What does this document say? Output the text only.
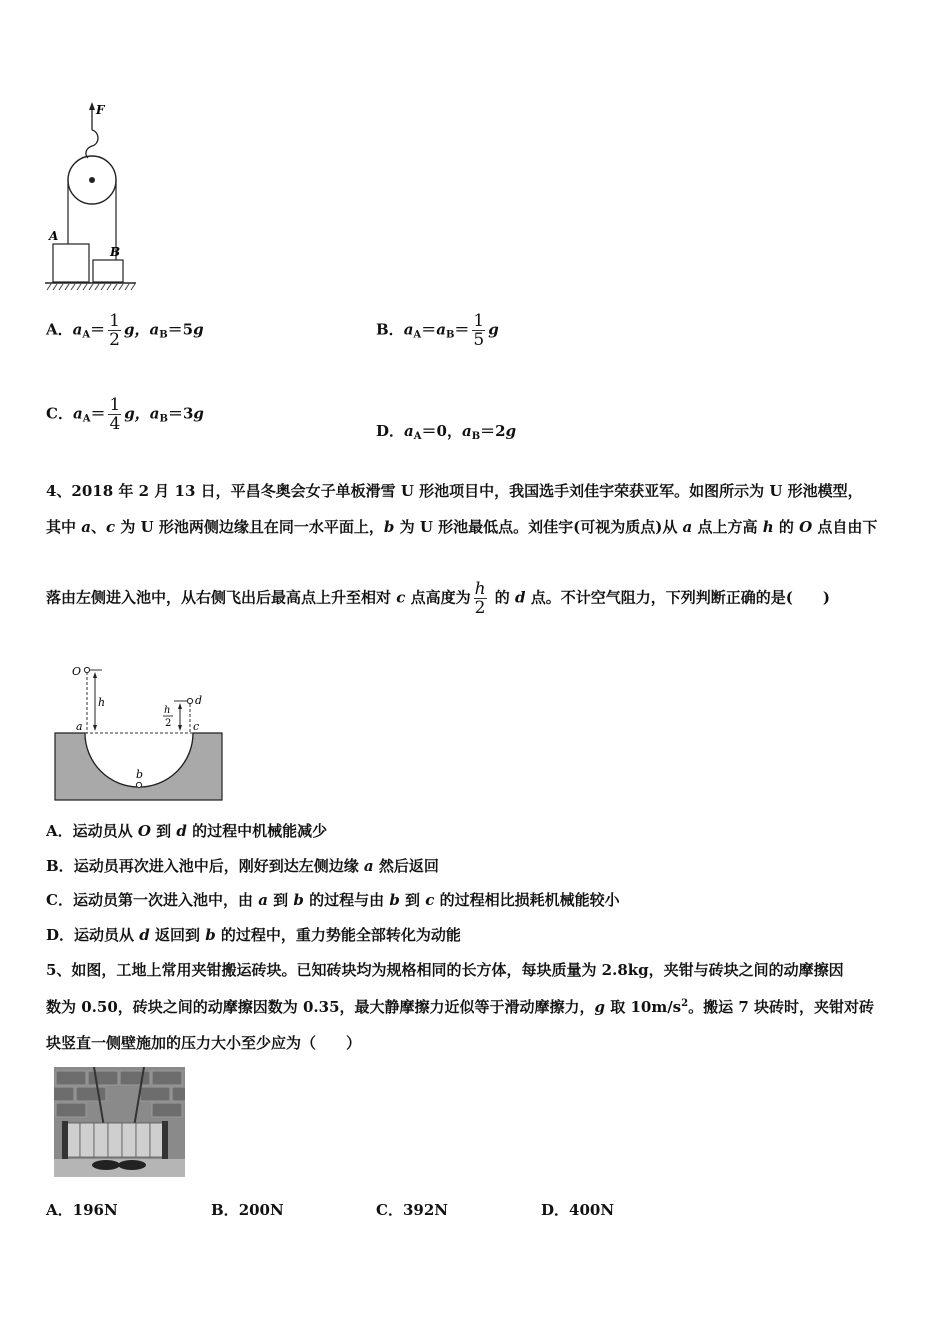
F
A
B
A．$a_A= \frac{1}{2}$ g，$a_B=5g$	B．$a_A=a_B= \frac{1}{5}$ g
C．$a_A= \frac{1}{4}$ g，$a_B=3g$
D．$a_A=0$，$a_B=2g$
4、2018 年 2 月 13 日，平昌冬奥会女子单板滑雪 U 形池项目中，我国选手刘佳宇荣获亚军。如图所示为 U 形池模型，
其中 a、c 为 U 形池两侧边缘且在同一水平面上，b 为 U 形池最低点。刘佳宇(可视为质点)从 a 点上方高 h 的 O 点自由下
落由左侧进入池中，从右侧飞出后最高点上升至相对 c 点高度为 $\frac{h}{2}$ 的 d 点。不计空气阻力，下列判断正确的是(　　)
O
h
a	c
b
d
h
2
A．运动员从 O 到 d 的过程中机械能减少
B．运动员再次进入池中后，刚好到达左侧边缘 a 然后返回
C．运动员第一次进入池中，由 a 到 b 的过程与由 b 到 c 的过程相比损耗机械能较小
D．运动员从 d 返回到 b 的过程中，重力势能全部转化为动能
5、如图，工地上常用夹钳搬运砖块。已知砖块均为规格相同的长方体，每块质量为 2.8kg，夹钳与砖块之间的动摩擦因
数为 0.50，砖块之间的动摩擦因数为 0.35，最大静摩擦力近似等于滑动摩擦力，g 取 $10m/s^2$。搬运 7 块砖时，夹钳对砖
块竖直一侧壁施加的压力大小至少应为（　　）
A．196N	B．200N	C．392N	D．400N
